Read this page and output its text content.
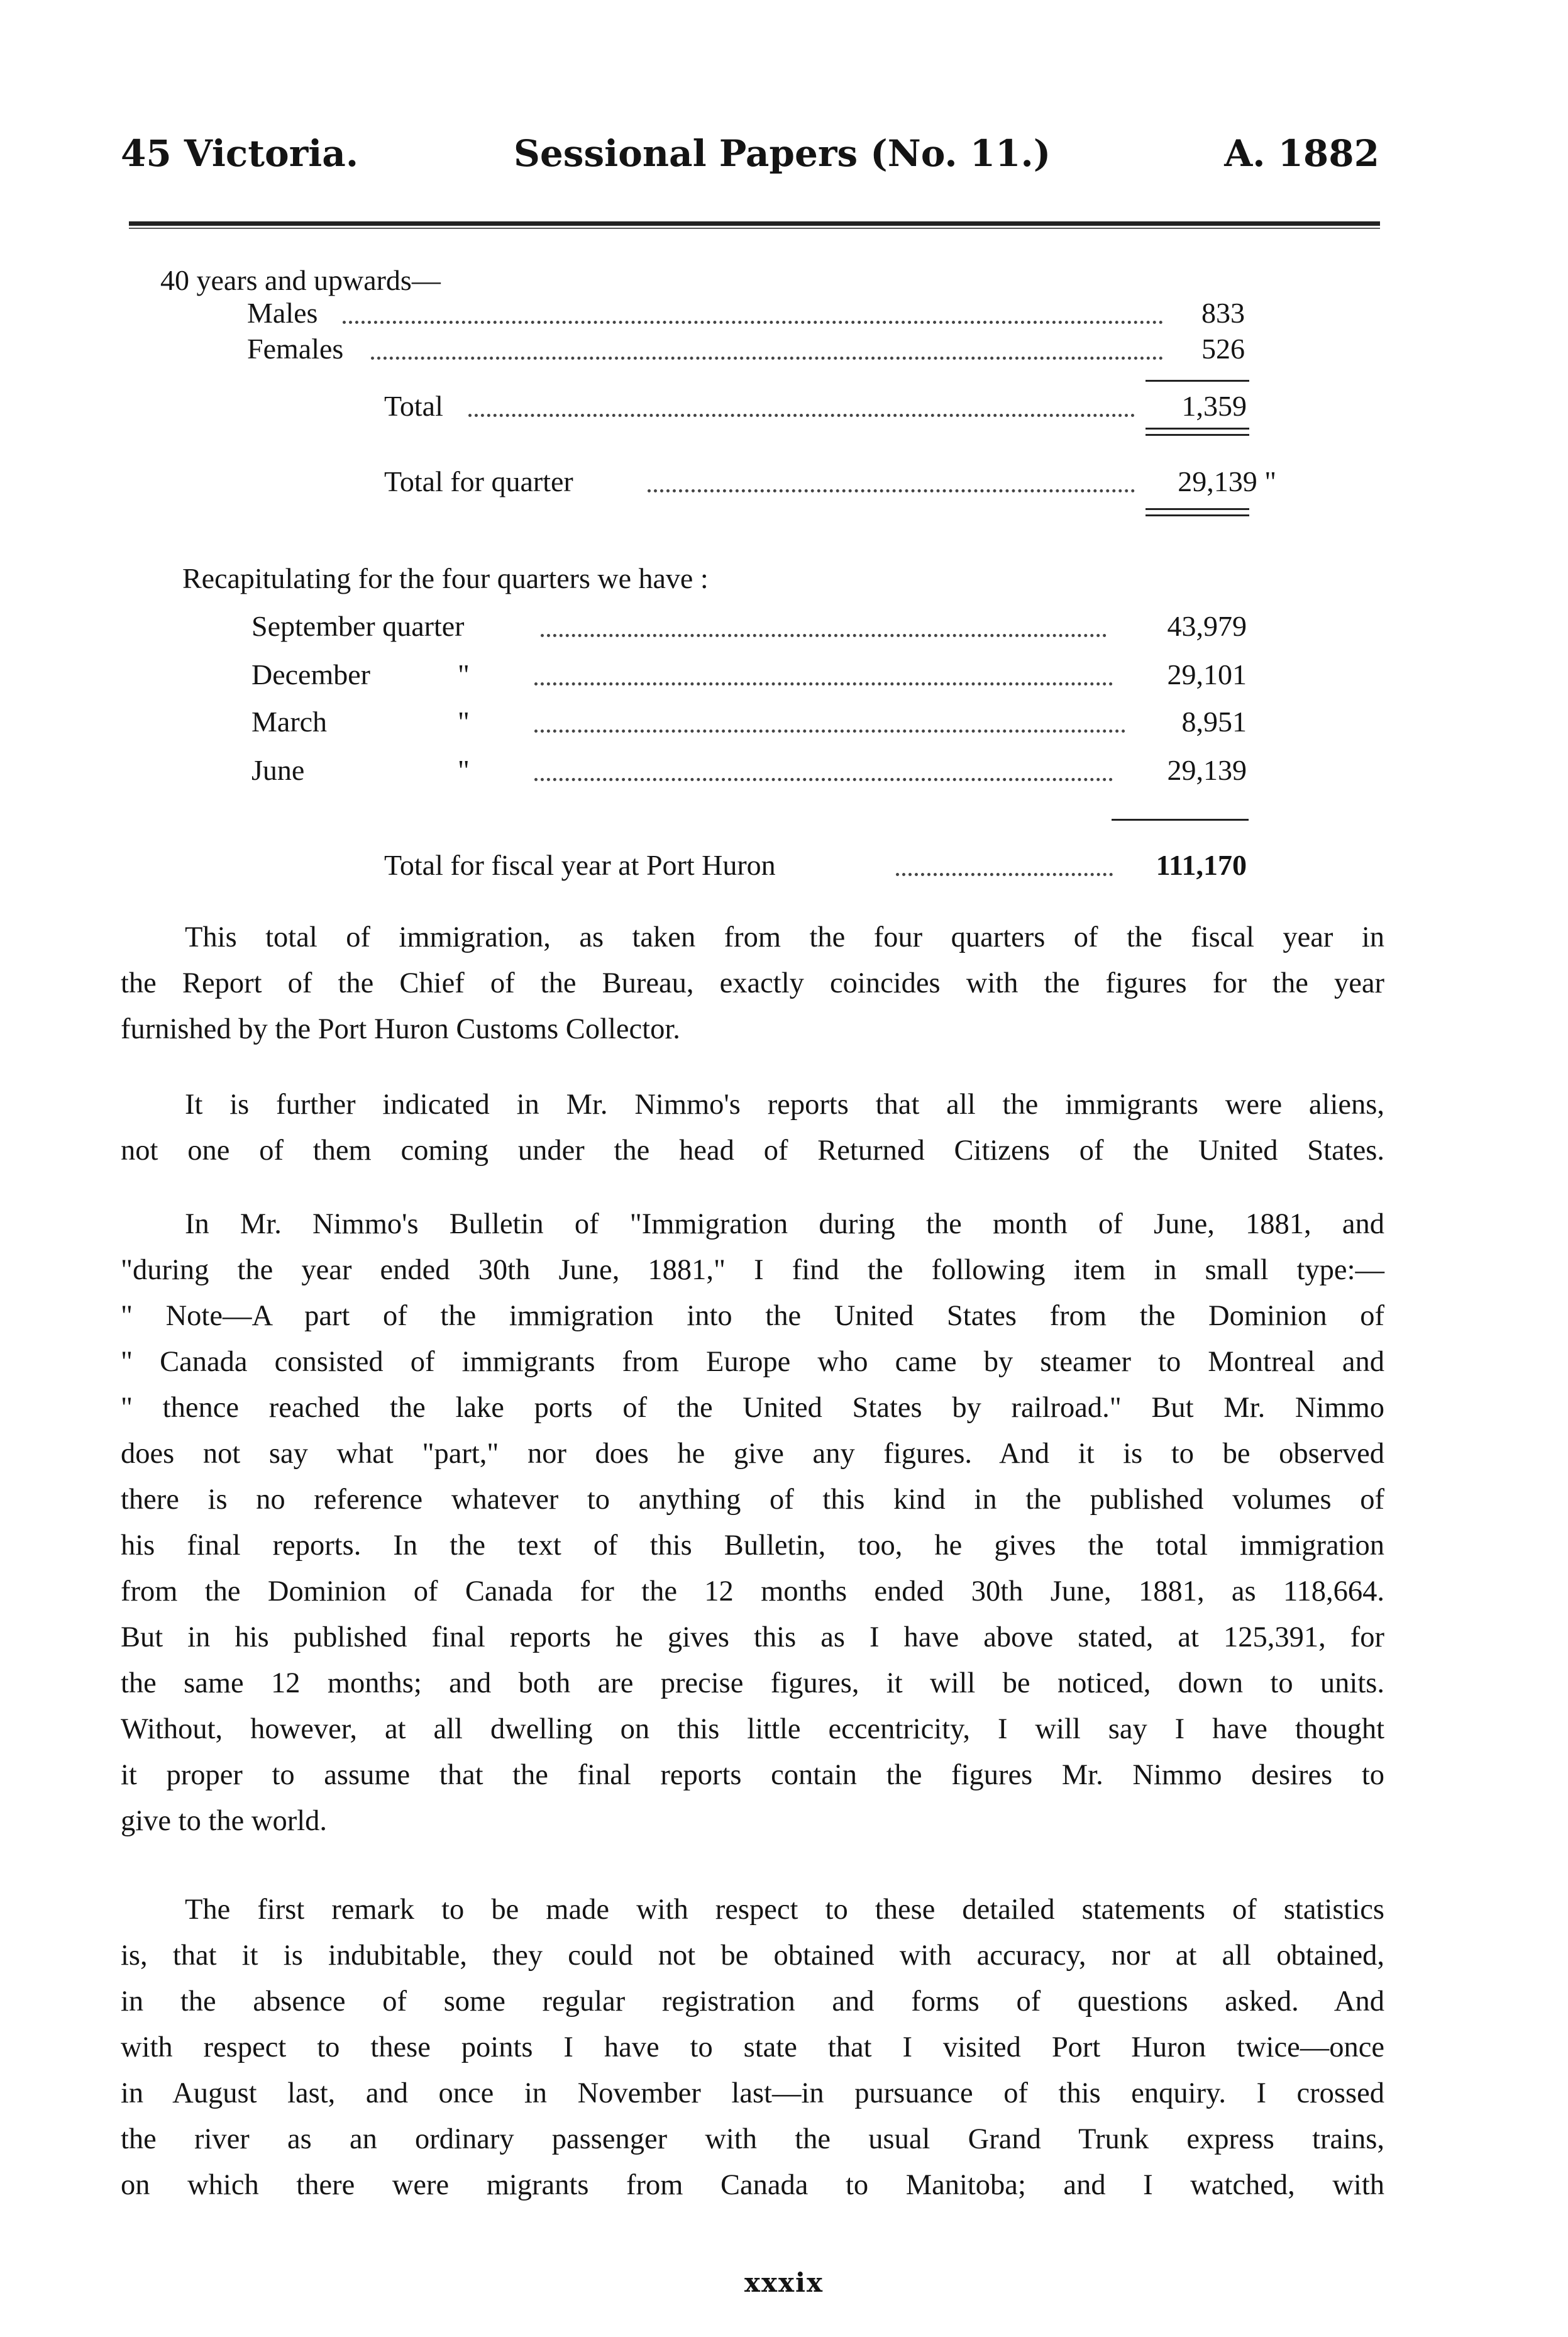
45 Victoria.	Sessional Papers (No. 11.)	A. 1882
40 years and upwards—
Males	833
Females	526
Total	1,359
Total for quarter	29,139 "
Recapitulating for the four quarters we have :
September quarter	43,979
December	"	29,101
March	"	8,951
June	"	29,139
Total for fiscal year at Port Huron	111,170
This total of immigration, as taken from the four quarters of the fiscal year in
the Report of the Chief of the Bureau, exactly coincides with the figures for the year
furnished by the Port Huron Customs Collector.
It is further indicated in Mr. Nimmo's reports that all the immigrants were aliens,
not one of them coming under the head of Returned Citizens of the United States.
In Mr. Nimmo's Bulletin of "Immigration during the month of June, 1881, and
"during the year ended 30th June, 1881," I find the following item in small type:—
" Note—A part of the immigration into the United States from the Dominion of
" Canada consisted of immigrants from Europe who came by steamer to Montreal and
" thence reached the lake ports of the United States by railroad." But Mr. Nimmo
does not say what "part," nor does he give any figures. And it is to be observed
there is no reference whatever to anything of this kind in the published volumes of
his final reports. In the text of this Bulletin, too, he gives the total immigration
from the Dominion of Canada for the 12 months ended 30th June, 1881, as 118,664.
But in his published final reports he gives this as I have above stated, at 125,391, for
the same 12 months; and both are precise figures, it will be noticed, down to units.
Without, however, at all dwelling on this little eccentricity, I will say I have thought
it proper to assume that the final reports contain the figures Mr. Nimmo desires to
give to the world.
The first remark to be made with respect to these detailed statements of statistics
is, that it is indubitable, they could not be obtained with accuracy, nor at all obtained,
in the absence of some regular registration and forms of questions asked. And
with respect to these points I have to state that I visited Port Huron twice—once
in August last, and once in November last—in pursuance of this enquiry. I crossed
the river as an ordinary passenger with the usual Grand Trunk express trains,
on which there were migrants from Canada to Manitoba; and I watched, with
xxxix
